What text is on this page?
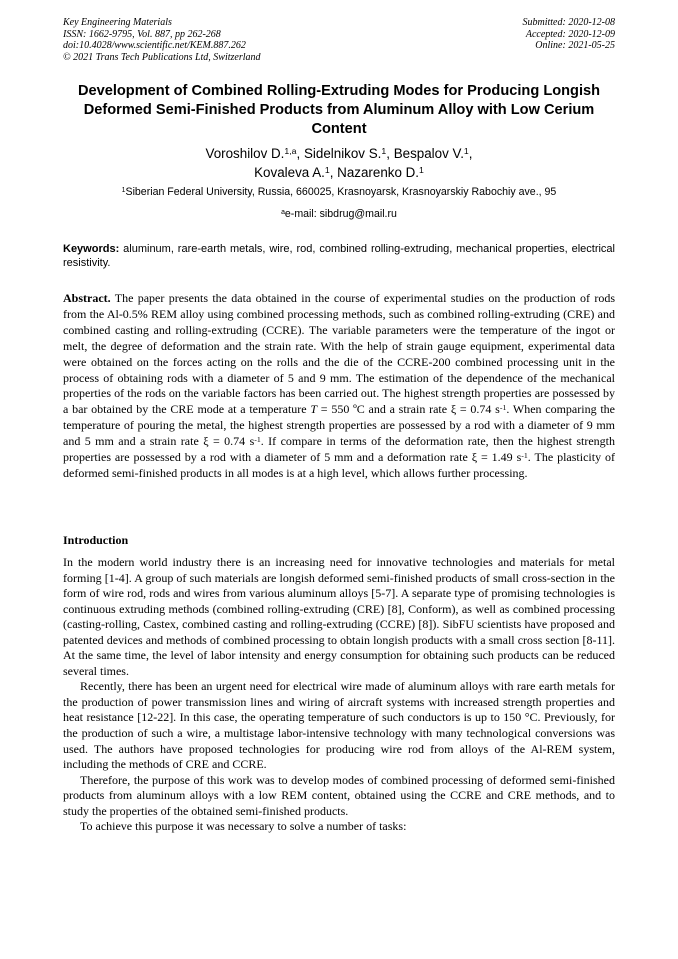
Key Engineering Materials
ISSN: 1662-9795, Vol. 887, pp 262-268
doi:10.4028/www.scientific.net/KEM.887.262
© 2021 Trans Tech Publications Ltd, Switzerland
Submitted: 2020-12-08
Accepted: 2020-12-09
Online: 2021-05-25
Development of Combined Rolling-Extruding Modes for Producing Longish Deformed Semi-Finished Products from Aluminum Alloy with Low Cerium Content
Voroshilov D.$^{1,a}$, Sidelnikov S.$^1$, Bespalov V.$^1$,
Kovaleva A.$^1$, Nazarenko D.$^1$
$^1$Siberian Federal University, Russia, 660025, Krasnoyarsk, Krasnoyarskiy Rabochiy ave., 95
$^a$e-mail: sibdrug@mail.ru
Keywords: aluminum, rare-earth metals, wire, rod, combined rolling-extruding, mechanical properties, electrical resistivity.
Abstract. The paper presents the data obtained in the course of experimental studies on the production of rods from the Al-0.5% REM alloy using combined processing methods, such as combined rolling-extruding (CRE) and combined casting and rolling-extruding (CCRE). The variable parameters were the temperature of the ingot or melt, the degree of deformation and the strain rate. With the help of strain gauge equipment, experimental data were obtained on the forces acting on the rolls and the die of the CCRE-200 combined processing unit in the process of obtaining rods with a diameter of 5 and 9 mm. The estimation of the dependence of the mechanical properties of the rods on the variable factors has been carried out. The highest strength properties are possessed by a bar obtained by the CRE mode at a temperature T = 550 ºC and a strain rate ξ = 0.74 $s^{-1}$. When comparing the temperature of pouring the metal, the highest strength properties are possessed by a rod with a diameter of 9 mm and 5 mm and a strain rate ξ = 0.74 $s^{-1}$. If compare in terms of the deformation rate, then the highest strength properties are possessed by a rod with a diameter of 5 mm and a deformation rate ξ = 1.49 $s^{-1}$. The plasticity of deformed semi-finished products in all modes is at a high level, which allows further processing.
Introduction

In the modern world industry there is an increasing need for innovative technologies and materials for metal forming [1-4]. A group of such materials are longish deformed semi-finished products of small cross-section in the form of wire rod, rods and wires from various aluminum alloys [5-7]. A separate type of promising technologies is continuous extruding methods (combined rolling-extruding (CRE) [8], Conform), as well as combined processing (casting-rolling, Castex, combined casting and rolling-extruding (CCRE) [8]). SibFU scientists have proposed and patented devices and methods of combined processing to obtain longish products with a small cross section [8-11]. At the same time, the level of labor intensity and energy consumption for obtaining such products can be reduced several times.

Recently, there has been an urgent need for electrical wire made of aluminum alloys with rare earth metals for the production of power transmission lines and wiring of aircraft systems with increased strength properties and heat resistance [12-22]. In this case, the operating temperature of such conductors is up to 150 °C. Previously, for the production of such a wire, a multistage labor-intensive technology with many technological conversions was used. The authors have proposed technologies for producing wire rod from alloys of the Al-REM system, including the methods of CRE and CCRE.

Therefore, the purpose of this work was to develop modes of combined processing of deformed semi-finished products from aluminum alloys with a low REM content, obtained using the CCRE and CRE methods, and to study the properties of the obtained semi-finished products.

To achieve this purpose it was necessary to solve a number of tasks:
